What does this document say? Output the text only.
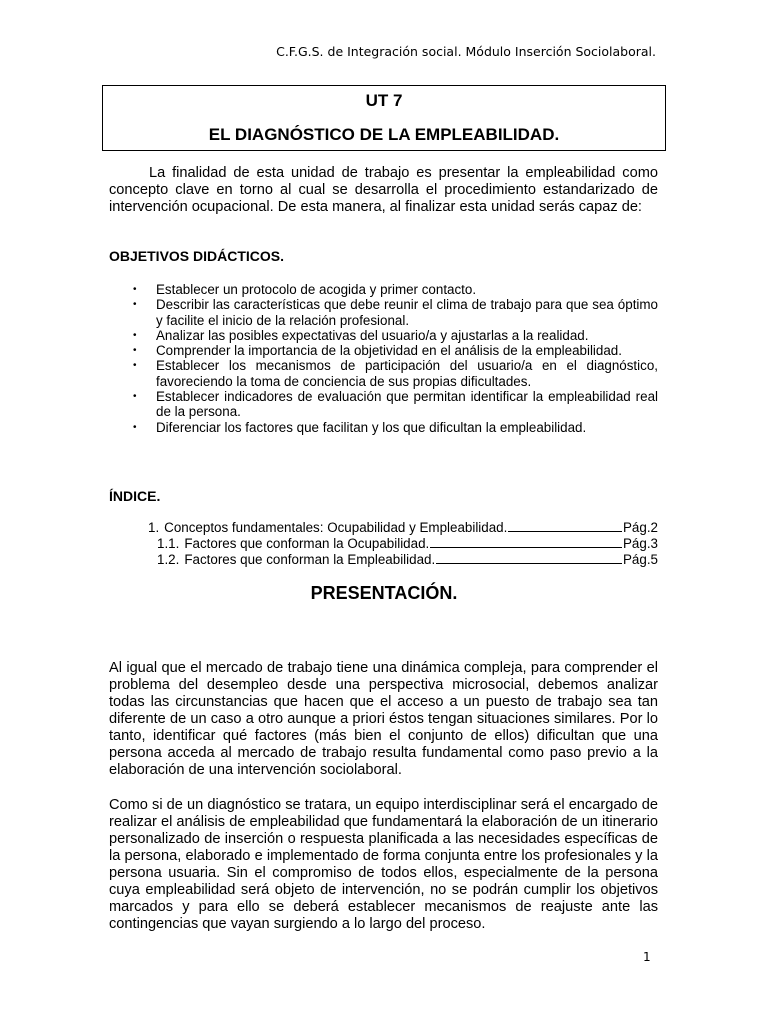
C.F.G.S. de Integración social. Módulo Inserción Sociolaboral.
UT 7
EL DIAGNÓSTICO DE LA EMPLEABILIDAD.
La finalidad de esta unidad de trabajo es presentar la empleabilidad como concepto clave en torno al cual se desarrolla el procedimiento estandarizado de intervención ocupacional. De esta manera, al finalizar esta unidad serás capaz de:
OBJETIVOS DIDÁCTICOS.
• Establecer un protocolo de acogida y primer contacto.
• Describir las características que debe reunir el clima de trabajo para que sea óptimo y facilite el inicio de la relación profesional.
• Analizar las posibles expectativas del usuario/a y ajustarlas a la realidad.
• Comprender la importancia de la objetividad en el análisis de la empleabilidad.
• Establecer los mecanismos de participación del usuario/a en el diagnóstico, favoreciendo la toma de conciencia de sus propias dificultades.
• Establecer indicadores de evaluación que permitan identificar la empleabilidad real de la persona.
• Diferenciar los factores que facilitan y los que dificultan la empleabilidad.
ÍNDICE.
1. Conceptos fundamentales: Ocupabilidad y Empleabilidad.	Pág.2
1.1. Factores que conforman la Ocupabilidad.	Pág.3
1.2. Factores que conforman la Empleabilidad.	Pág.5
PRESENTACIÓN.
Al igual que el mercado de trabajo tiene una dinámica compleja, para comprender el problema del desempleo desde una perspectiva microsocial, debemos analizar todas las circunstancias que hacen que el acceso a un puesto de trabajo sea tan diferente de un caso a otro aunque a priori éstos tengan situaciones similares. Por lo tanto, identificar qué factores (más bien el conjunto de ellos) dificultan que una persona acceda al mercado de trabajo resulta fundamental como paso previo a la elaboración de una intervención sociolaboral.
Como si de un diagnóstico se tratara, un equipo interdisciplinar será el encargado de realizar el análisis de empleabilidad que fundamentará la elaboración de un itinerario personalizado de inserción o respuesta planificada a las necesidades específicas de la persona, elaborado e implementado de forma conjunta entre los profesionales y la persona usuaria. Sin el compromiso de todos ellos, especialmente de la persona cuya empleabilidad será objeto de intervención, no se podrán cumplir los objetivos marcados y para ello se deberá establecer mecanismos de reajuste ante las contingencias que vayan surgiendo a lo largo del proceso.
1
